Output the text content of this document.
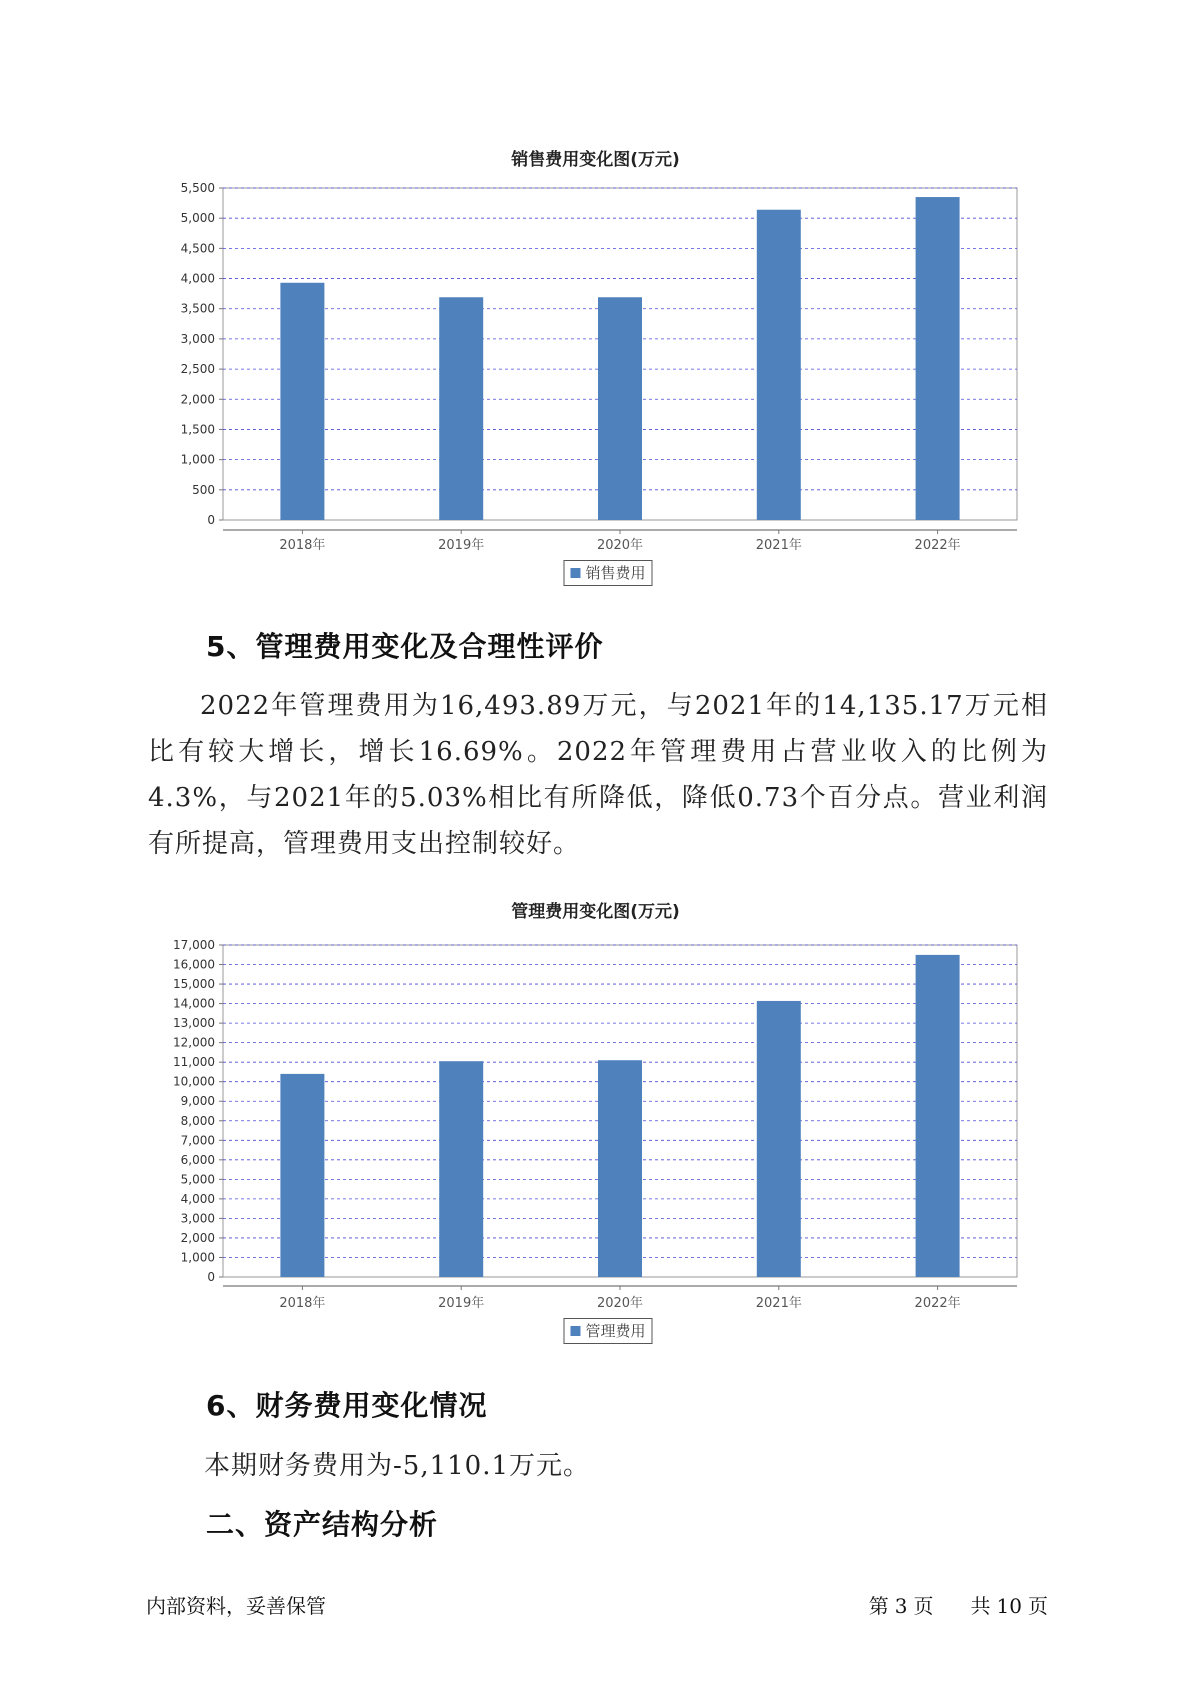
销售费用变化图(万元)
0
500
1,000
1,500
2,000
2,500
3,000
3,500
4,000
4,500
5,000
5,500
2018年	2019年	2020年	2021年	2022年
销售费用
5、管理费用变化及合理性评价

2022年管理费用为16,493.89万元，与2021年的14,135.17万元相比有较大增长，增长16.69%。2022年管理费用占营业收入的比例为4.3%，与2021年的5.03%相比有所降低，降低0.73个百分点。营业利润有所提高，管理费用支出控制较好。

管理费用变化图(万元)
0
1,000
2,000
3,000
4,000
5,000
6,000
7,000
8,000
9,000
10,000
11,000
12,000
13,000
14,000
15,000
16,000
17,000
2018年	2019年	2020年	2021年	2022年
管理费用
6、财务费用变化情况

本期财务费用为-5,110.1万元。

二、资产结构分析
内部资料，妥善保管	第 3 页 共 10 页
